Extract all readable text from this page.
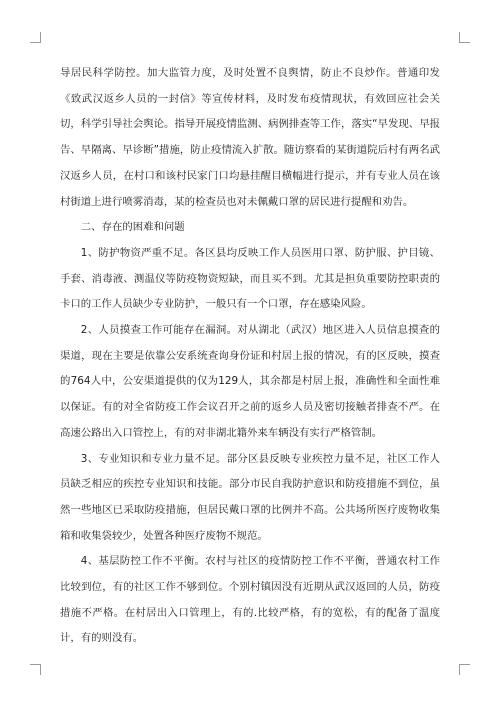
导居民科学防控。加大监管力度，及时处置不良舆情，防止不良炒作。普通印发《致武汉返乡人员的一封信》等宣传材料，及时发布疫情现状，有效回应社会关切，科学引导社会舆论。指导开展疫情监测、病例排查等工作，落实“早发现、早报告、早隔离、早诊断”措施，防止疫情流入扩散。随访察看的某街道院后村有两名武汉返乡人员，在村口和该村民家门口均悬挂醒目横幅进行提示，并有专业人员在该村街道上进行喷雾消毒，某的检查员也对未佩戴口罩的居民进行提醒和劝告。

二、存在的困难和问题

1、防护物资严重不足。各区县均反映工作人员医用口罩、防护服、护目镜、手套、消毒液、测温仪等防疫物资短缺，而且买不到。尤其是担负重要防控职责的卡口的工作人员缺少专业防护，一般只有一个口罩，存在感染风险。

2、人员摸查工作可能存在漏洞。对从湖北（武汉）地区进入人员信息摸查的渠道，现在主要是依靠公安系统查询身份证和村居上报的情况，有的区反映，摸查的764人中，公安渠道提供的仅为129人，其余都是村居上报，准确性和全面性难以保证。有的对全省防疫工作会议召开之前的返乡人员及密切接触者排查不严。在高速公路出入口管控上，有的对非湖北籍外来车辆没有实行严格管制。

3、专业知识和专业力量不足。部分区县反映专业疾控力量不足，社区工作人员缺乏相应的疾控专业知识和技能。部分市民自我防护意识和防疫措施不到位，虽然一些地区已采取防疫措施，但居民戴口罩的比例并不高。公共场所医疗废物收集箱和收集袋较少，处置各种医疗废物不规范。

4、基层防控工作不平衡。农村与社区的疫情防控工作不平衡，普通农村工作比较到位，有的社区工作不够到位。个别村镇因没有近期从武汉返回的人员，防疫措施不严格。在村居出入口管理上，有的.比较严格，有的宽松，有的配备了温度计，有的则没有。
